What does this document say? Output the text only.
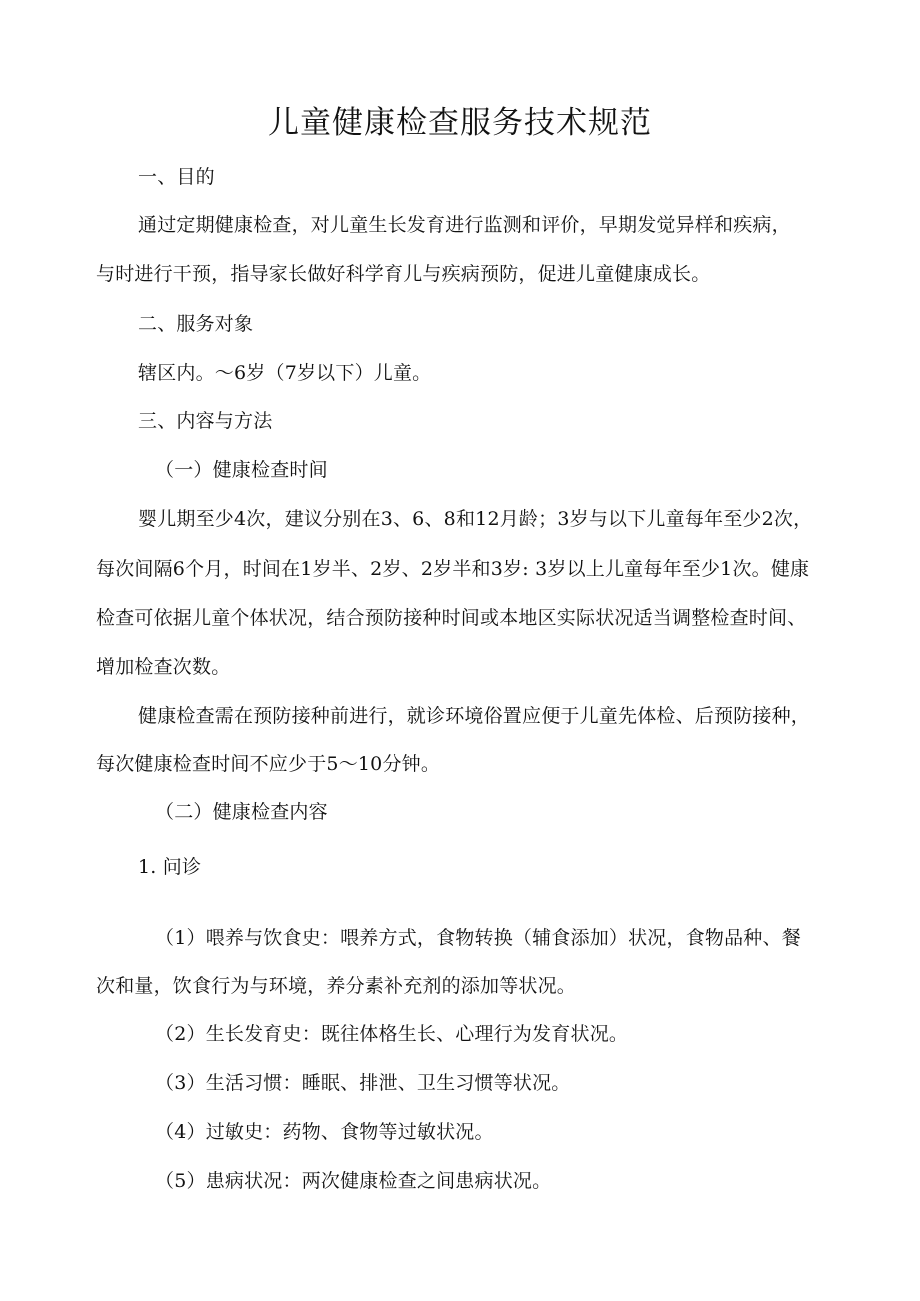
儿童健康检查服务技术规范
一、目的
通过定期健康检查，对儿童生长发育进行监测和评价，早期发觉异样和疾病，
与时进行干预，指导家长做好科学育儿与疾病预防，促进儿童健康成长。
二、服务对象
辖区内。～6岁（7岁以下）儿童。
三、内容与方法
（一）健康检查时间
婴儿期至少4次，建议分别在3、6、8和12月龄；3岁与以下儿童每年至少2次，
每次间隔6个月，时间在1岁半、2岁、2岁半和3岁: 3岁以上儿童每年至少1次。健康
检查可依据儿童个体状况，结合预防接种时间或本地区实际状况适当调整检查时间、
增加检查次数。
健康检查需在预防接种前进行，就诊环境俗置应便于儿童先体检、后预防接种，
每次健康检查时间不应少于5～10分钟。
（二）健康检查内容
1. 问诊
（1）喂养与饮食史：喂养方式，食物转换（辅食添加）状况，食物品种、餐
次和量，饮食行为与环境，养分素补充剂的添加等状况。
（2）生长发育史：既往体格生长、心理行为发育状况。
（3）生活习惯：睡眠、排泄、卫生习惯等状况。
（4）过敏史：药物、食物等过敏状况。
（5）患病状况：两次健康检查之间患病状况。
